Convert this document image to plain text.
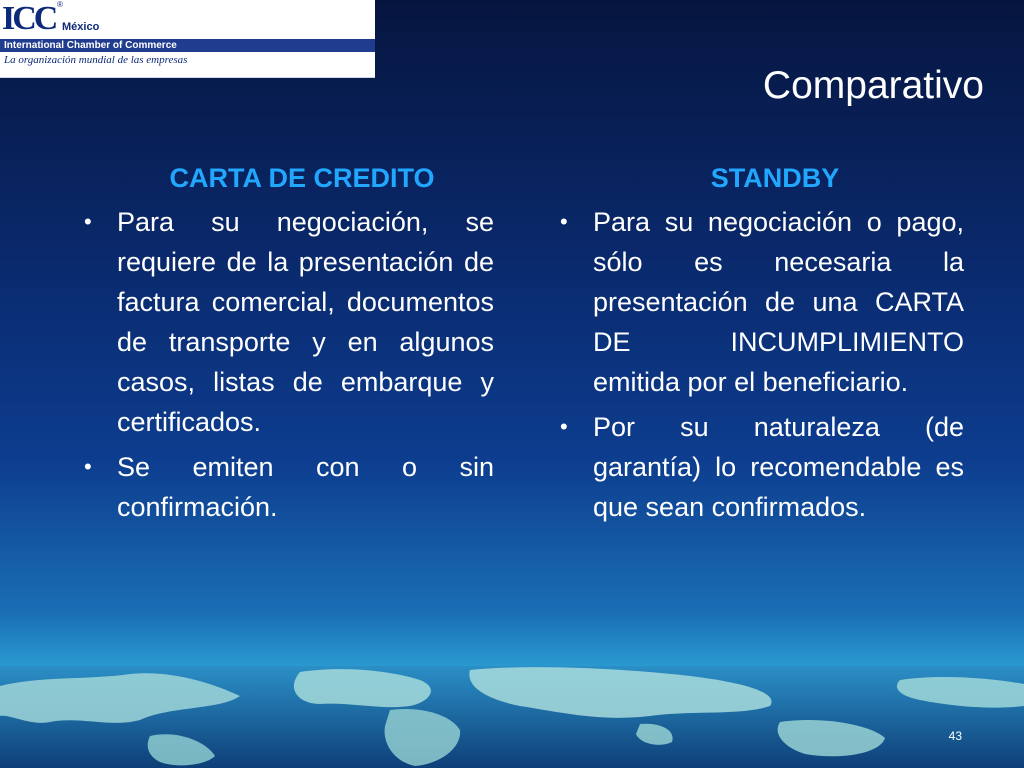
ICC ®
México
International Chamber of Commerce
La organización mundial de las empresas
Comparativo
CARTA DE CREDITO
• Para su negociación, se requiere de la presentación de factura comercial, documentos de transporte y en algunos casos, listas de embarque y certificados.
• Se emiten con o sin confirmación.
STANDBY
• Para su negociación o pago, sólo es necesaria la presentación de una CARTA DE INCUMPLIMIENTO emitida por el beneficiario.
• Por su naturaleza (de garantía) lo recomendable es que sean confirmados.
43
